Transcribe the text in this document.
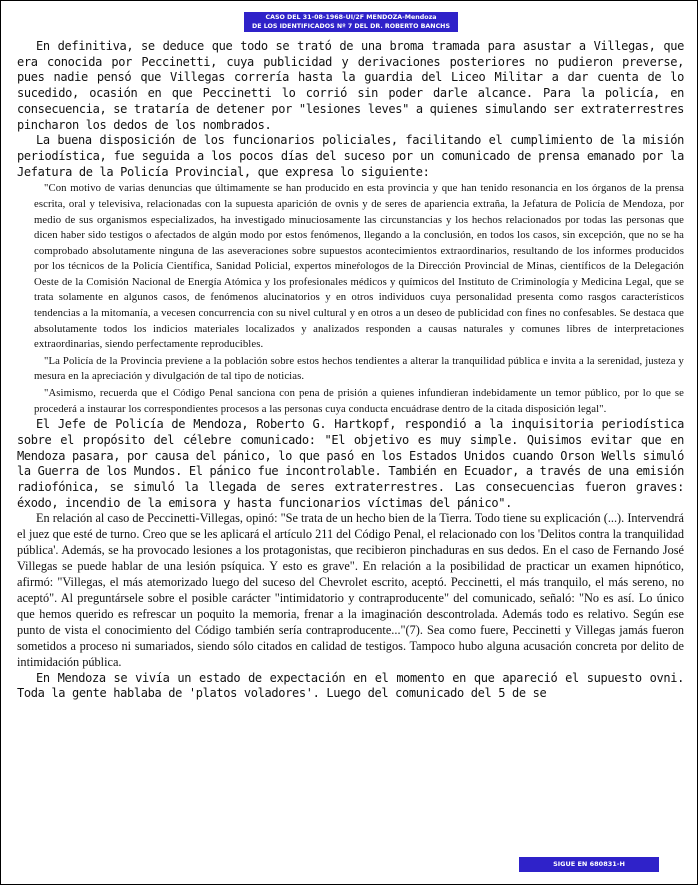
CASO DEL 31-08-1968-UI/2F MENDOZA-Mendoza
DE LOS IDENTIFICADOS Nº 7 DEL DR. ROBERTO BANCHS

En definitiva, se deduce que todo se trató de una broma tramada para asustar a Villegas, que era conocida por Peccinetti, cuya publicidad y derivaciones posteriores no pudieron preverse, pues nadie pensó que Villegas correría hasta la guardia del Liceo Militar a dar cuenta de lo sucedido, ocasión en que Peccinetti lo corrió sin poder darle alcance. Para la policía, en consecuencia, se trataría de detener por "lesiones leves" a quienes simulando ser extraterrestres pincharon los dedos de los nombrados.

La buena disposición de los funcionarios policiales, facilitando el cumplimiento de la misión periodística, fue seguida a los pocos días del suceso por un comunicado de prensa emanado por la Jefatura de la Policía Provincial, que expresa lo siguiente:

"Con motivo de varias denuncias que últimamente se han producido en esta provincia y que han tenido resonancia en los órganos de la prensa escrita, oral y televisiva, relacionadas con la supuesta aparición de ovnis y de seres de apariencia extraña, la Jefatura de Policía de Mendoza, por medio de sus organismos especializados, ha investigado minuciosamente las circunstancias y los hechos relacionados por todas las personas que dicen haber sido testigos o afectados de algún modo por estos fenómenos, llegando a la conclusión, en todos los casos, sin excepción, que no se ha comprobado absolutamente ninguna de las aseveraciones sobre supuestos acontecimientos extraordinarios, resultando de los informes producidos por los técnicos de la Policía Científica, Sanidad Policial, expertos mineŕologos de la Dirección Provincial de Minas, científicos de la Delegación Oeste de la Comisión Nacional de Energía Atómica y los profesionales médicos y químicos del Instituto de Criminología y Medicina Legal, que se trata solamente en algunos casos, de fenómenos alucinatorios y en otros individuos cuya personalidad presenta como rasgos característicos tendencias a la mitomanía, a vecesen concurrencia con su nivel cultural y en otros a un deseo de publicidad con fines no confesables. Se destaca que absolutamente todos los indicios materiales localizados y analizados responden a causas naturales y comunes libres de interpretaciones extraordinarias, siendo perfectamente reproducibles.

"La Policía de la Provincia previene a la población sobre estos hechos tendientes a alterar la tranquilidad pública e invita a la serenidad, justeza y mesura en la apreciación y divulgación de tal tipo de noticias.

"Asimismo, recuerda que el Código Penal sanciona con pena de prisión a quienes infundieran indebidamente un temor público, por lo que se procederá a instaurar los correspondientes procesos a las personas cuya conducta encuádrase dentro de la citada disposición legal".

El Jefe de Policía de Mendoza, Roberto G. Hartkopf, respondió a la inquisitoria periodística sobre el propósito del célebre comunicado: "El objetivo es muy simple. Quisimos evitar que en Mendoza pasara, por causa del pánico, lo que pasó en los Estados Unidos cuando Orson Wells simuló la Guerra de los Mundos. El pánico fue incontrolable. También en Ecuador, a través de una emisión radiofónica, se simuló la llegada de seres extraterrestres. Las consecuencias fueron graves: éxodo, incendio de la emisora y hasta funcionarios víctimas del pánico".

En relación al caso de Peccinetti-Villegas, opinó: "Se trata de un hecho bien de la Tierra. Todo tiene su explicación (...). Intervendrá el juez que esté de turno. Creo que se les aplicará el artículo 211 del Código Penal, el relacionado con los 'Delitos contra la tranquilidad pública'. Además, se ha provocado lesiones a los protagonistas, que recibieron pinchaduras en sus dedos. En el caso de Fernando José Villegas se puede hablar de una lesión psíquica. Y esto es grave". En relación a la posibilidad de practicar un examen hipnótico, afirmó: "Villegas, el más atemorizado luego del suceso del Chevrolet escrito, aceptó. Peccinetti, el más tranquilo, el más sereno, no aceptó". Al preguntársele sobre el posible carácter "intimidatorio y contraproducente" del comunicado, señaló: "No es así. Lo único que hemos querido es refrescar un poquito la memoria, frenar a la imaginación descontrolada. Además todo es relativo. Según ese punto de vista el conocimiento del Código también sería contraproducente..."(7). Sea como fuere, Peccinetti y Villegas jamás fueron sometidos a proceso ni sumariados, siendo sólo citados en calidad de testigos. Tampoco hubo alguna acusación concreta por delito de intimidación pública.

En Mendoza se vivía un estado de expectación en el momento en que apareció el supuesto ovni. Toda la gente hablaba de 'platos voladores'. Luego del comunicado del 5 de se

SIGUE EN 680831-H
